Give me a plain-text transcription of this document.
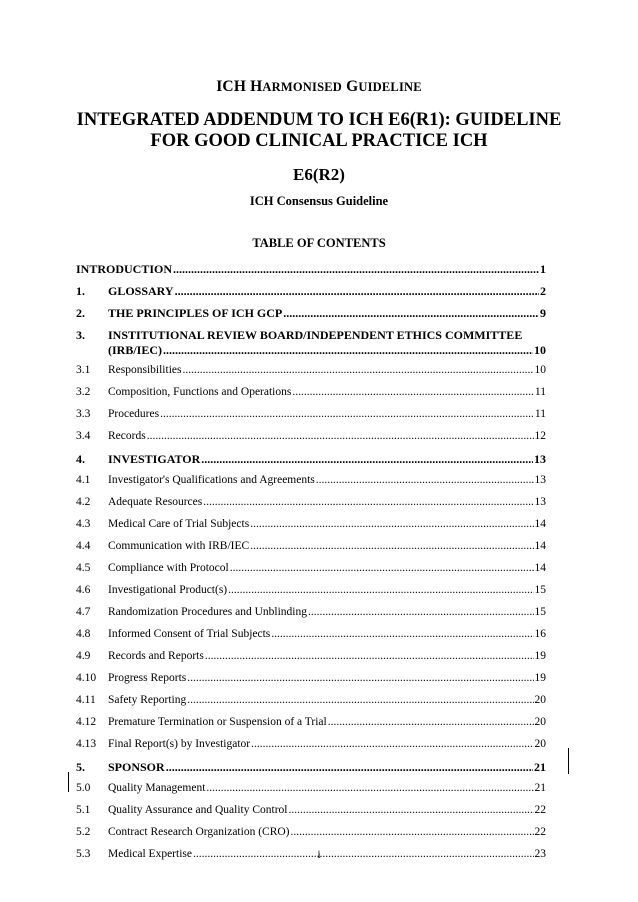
ICH HARMONISED GUIDELINE
INTEGRATED ADDENDUM TO ICH E6(R1): GUIDELINE FOR GOOD CLINICAL PRACTICE ICH
E6(R2)
ICH Consensus Guideline
TABLE OF CONTENTS
INTRODUCTION .....	1
1. GLOSSARY .....	2
2. THE PRINCIPLES OF ICH GCP .....	9
3. INSTITUTIONAL REVIEW BOARD/INDEPENDENT ETHICS COMMITTEE
(IRB/IEC) .....	10
3.1 Responsibilities .....	10
3.2 Composition, Functions and Operations .....	11
3.3 Procedures .....	11
3.4 Records .....	12
4. INVESTIGATOR .....	13
4.1 Investigator's Qualifications and Agreements .....	13
4.2 Adequate Resources .....	13
4.3 Medical Care of Trial Subjects .....	14
4.4 Communication with IRB/IEC .....	14
4.5 Compliance with Protocol .....	14
4.6 Investigational Product(s) .....	15
4.7 Randomization Procedures and Unblinding .....	15
4.8 Informed Consent of Trial Subjects .....	16
4.9 Records and Reports .....	19
4.10 Progress Reports .....	19
4.11 Safety Reporting .....	20
4.12 Premature Termination or Suspension of a Trial .....	20
4.13 Final Report(s) by Investigator .....	20
5. SPONSOR .....	21
5.0 Quality Management .....	21
5.1 Quality Assurance and Quality Control .....	22
5.2 Contract Research Organization (CRO) .....	22
5.3 Medical Expertise .....	23
i
